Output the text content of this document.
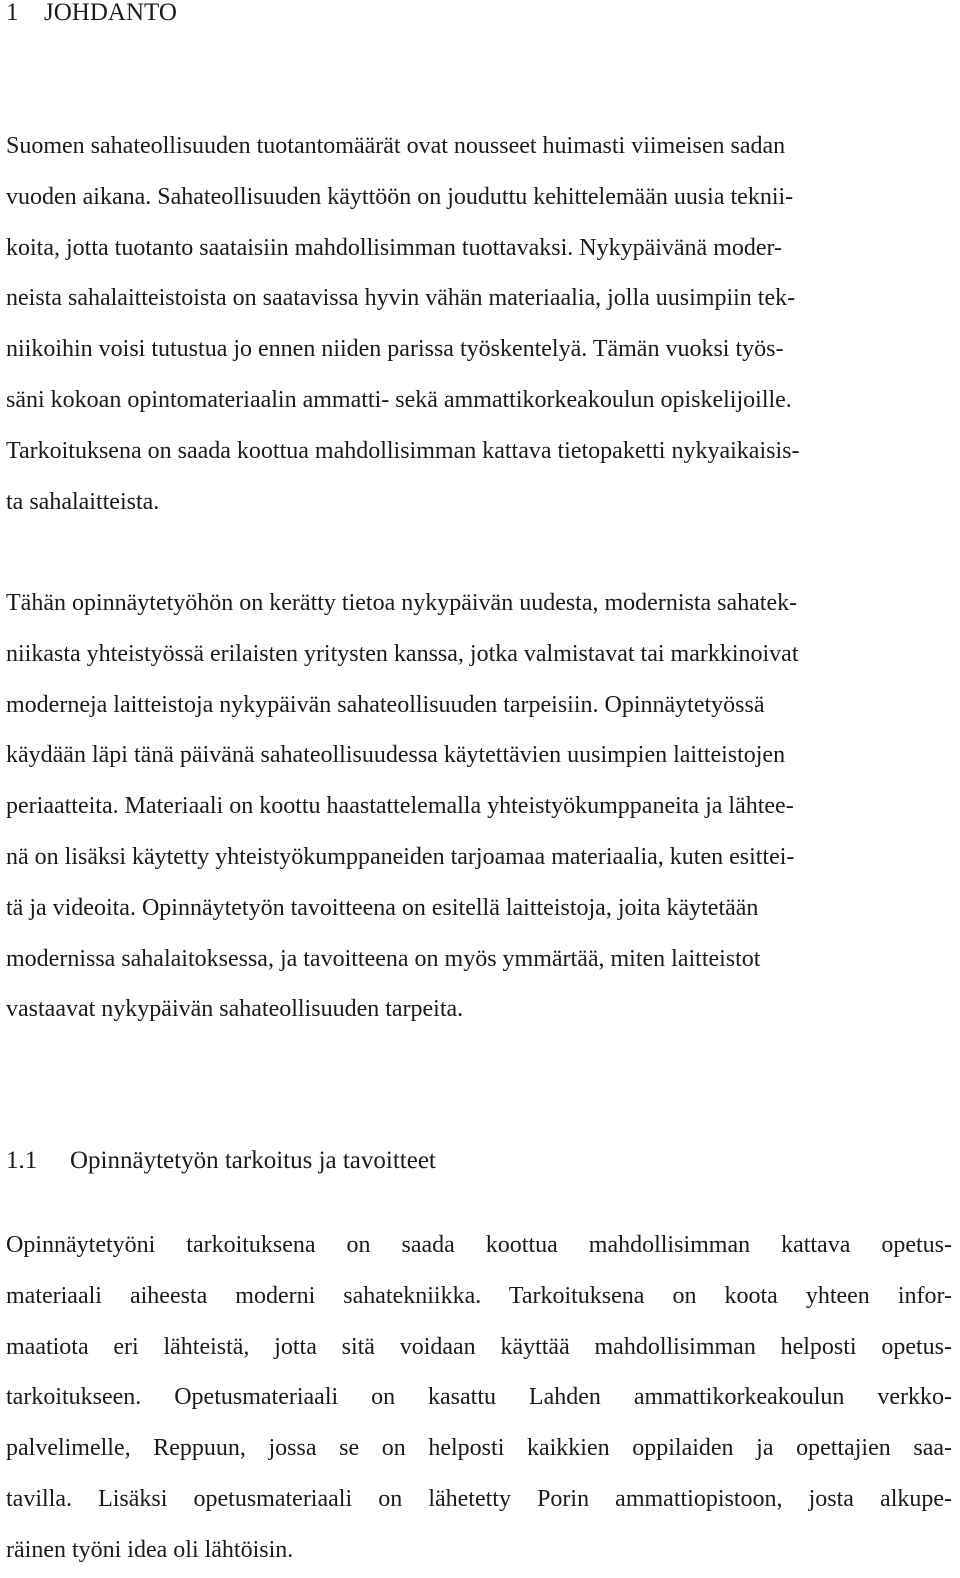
1 JOHDANTO
Suomen sahateollisuuden tuotantomäärät ovat nousseet huimasti viimeisen sadan
vuoden aikana. Sahateollisuuden käyttöön on jouduttu kehittelemään uusia teknii-
koita, jotta tuotanto saataisiin mahdollisimman tuottavaksi. Nykypäivänä moder-
neista sahalaitteistoista on saatavissa hyvin vähän materiaalia, jolla uusimpiin tek-
niikoihin voisi tutustua jo ennen niiden parissa työskentelyä. Tämän vuoksi työs-
säni kokoan opintomateriaalin ammatti- sekä ammattikorkeakoulun opiskelijoille.
Tarkoituksena on saada koottua mahdollisimman kattava tietopaketti nykyaikaisis-
ta sahalaitteista.
Tähän opinnäytetyöhön on kerätty tietoa nykypäivän uudesta, modernista sahatek-
niikasta yhteistyössä erilaisten yritysten kanssa, jotka valmistavat tai markkinoivat
moderneja laitteistoja nykypäivän sahateollisuuden tarpeisiin. Opinnäytetyössä
käydään läpi tänä päivänä sahateollisuudessa käytettävien uusimpien laitteistojen
periaatteita. Materiaali on koottu haastattelemalla yhteistyökumppaneita ja lähtee-
nä on lisäksi käytetty yhteistyökumppaneiden tarjoamaa materiaalia, kuten esittei-
tä ja videoita. Opinnäytetyön tavoitteena on esitellä laitteistoja, joita käytetään
modernissa sahalaitoksessa, ja tavoitteena on myös ymmärtää, miten laitteistot
vastaavat nykypäivän sahateollisuuden tarpeita.
1.1 Opinnäytetyön tarkoitus ja tavoitteet
Opinnäytetyöni tarkoituksena on saada koottua mahdollisimman kattava opetus-
materiaali aiheesta moderni sahatekniikka. Tarkoituksena on koota yhteen infor-
maatiota eri lähteistä, jotta sitä voidaan käyttää mahdollisimman helposti opetus-
tarkoitukseen. Opetusmateriaali on kasattu Lahden ammattikorkeakoulun verkko-
palvelimelle, Reppuun, jossa se on helposti kaikkien oppilaiden ja opettajien saa-
tavilla. Lisäksi opetusmateriaali on lähetetty Porin ammattiopistoon, josta alkupe-
räinen työni idea oli lähtöisin.
